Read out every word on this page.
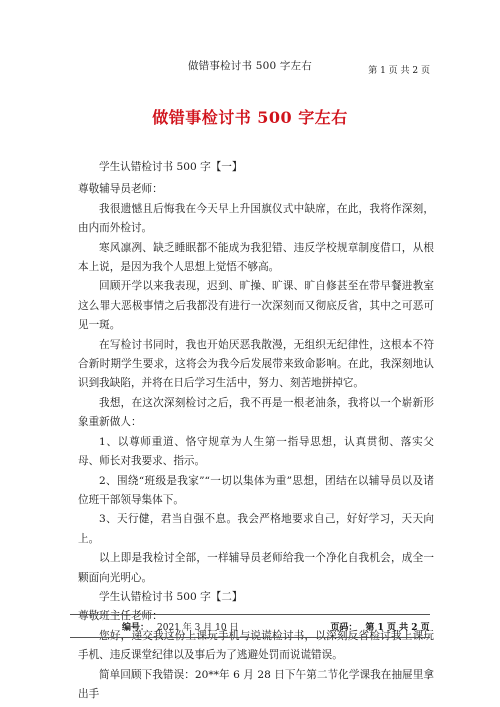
做错事检讨书 500 字左右	第 1 页 共 2 页
做错事检讨书 500 字左右

学生认错检讨书 500 字【一】

尊敬辅导员老师：

我很遗憾且后悔我在今天早上升国旗仪式中缺席，在此，我将作深刻，由内而外检讨。

寒风凛冽、缺乏睡眠都不能成为我犯错、违反学校规章制度借口，从根本上说，是因为我个人思想上觉悟不够高。

回顾开学以来我表现，迟到、旷操、旷课、旷自修甚至在带早餐进教室这么罪大恶极事情之后我都没有进行一次深刻而又彻底反省，其中之可恶可见一斑。

在写检讨书同时，我也开始厌恶我散漫，无组织无纪律性，这根本不符合新时期学生要求，这将会为我今后发展带来致命影响。在此，我深刻地认识到我缺陷，并将在日后学习生活中，努力、刻苦地拼掉它。

我想，在这次深刻检讨之后，我不再是一根老油条，我将以一个崭新形象重新做人：

1、以尊师重道、恪守规章为人生第一指导思想，认真贯彻、落实父母、师长对我要求、指示。

2、围绕“班级是我家”“一切以集体为重”思想，团结在以辅导员以及诸位班干部领导集体下。

3、天行健，君当自强不息。我会严格地要求自己，好好学习，天天向上。

以上即是我检讨全部，一样辅导员老师给我一个净化自我机会，成全一颗面向光明心。

学生认错检讨书 500 字【二】

尊敬班主任老师：

您好，递交我这份上课玩手机与说谎检讨书，以深刻反省检讨我上课玩手机、违反课堂纪律以及事后为了逃避处罚而说谎错误。

简单回顾下我错误：20**年 6 月 28 日下午第二节化学课我在抽屉里拿出手

编号： 2021 年 3 月 10 日	页码： 第 1 页 共 2 页
